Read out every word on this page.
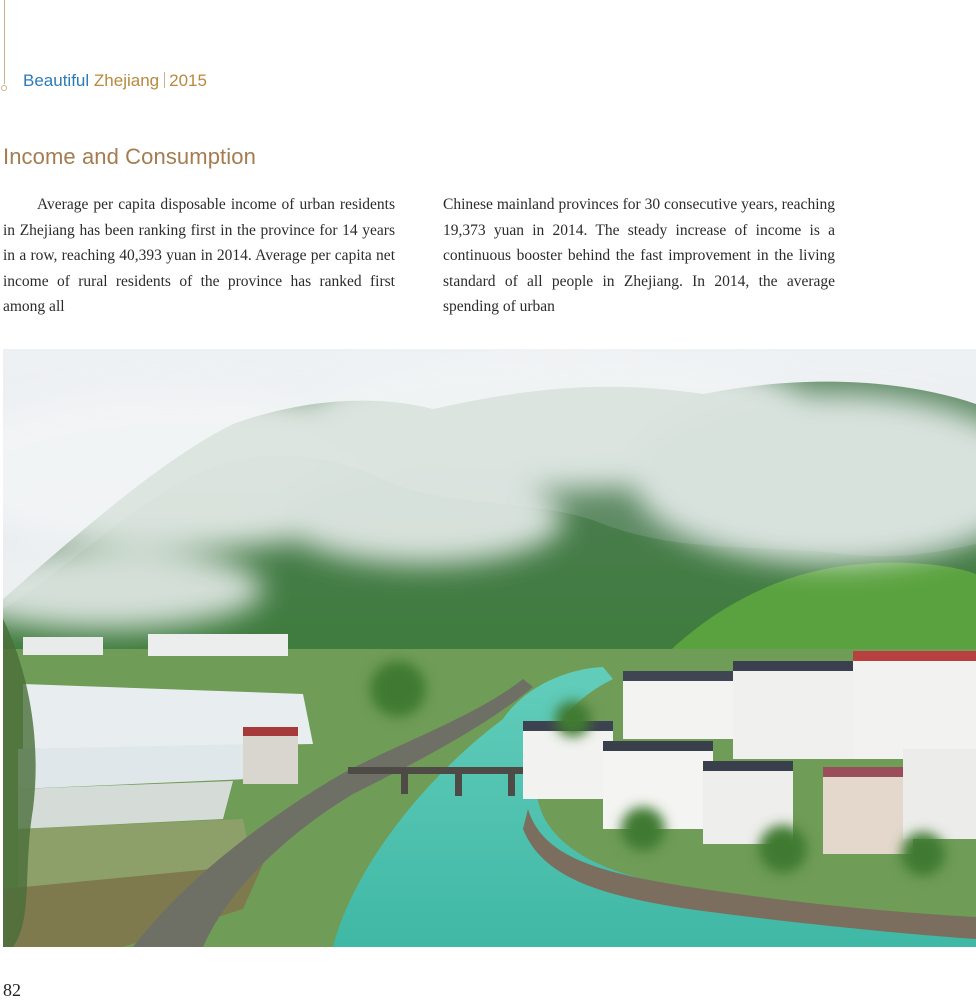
Beautiful Zhejiang 2015
Income and Consumption

Average per capita disposable income of urban residents in Zhejiang has been ranking first in the province for 14 years in a row, reaching 40,393 yuan in 2014. Average per capita net income of rural residents of the province has ranked first among all

Chinese mainland provinces for 30 consecutive years, reaching 19,373 yuan in 2014. The steady increase of income is a continuous booster behind the fast improvement in the living standard of all people in Zhejiang. In 2014, the average spending of urban

82
